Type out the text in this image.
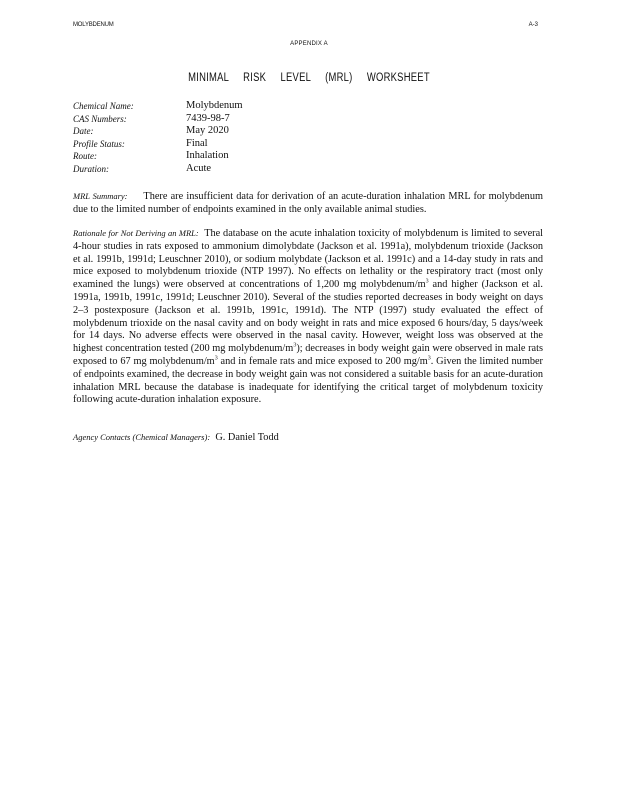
MOLYBDENUM	A-3
APPENDIX A
MINIMAL RISK LEVEL (MRL) WORKSHEET
Chemical Name:	Molybdenum
CAS Numbers:	7439-98-7
Date:	May 2020
Profile Status:	Final
Route:	Inhalation
Duration:	Acute
MRL Summary: There are insufficient data for derivation of an acute-duration inhalation MRL for molybdenum due to the limited number of endpoints examined in the only available animal studies.
Rationale for Not Deriving an MRL: The database on the acute inhalation toxicity of molybdenum is limited to several 4-hour studies in rats exposed to ammonium dimolybdate (Jackson et al. 1991a), molybdenum trioxide (Jackson et al. 1991b, 1991d; Leuschner 2010), or sodium molybdate (Jackson et al. 1991c) and a 14-day study in rats and mice exposed to molybdenum trioxide (NTP 1997). No effects on lethality or the respiratory tract (most only examined the lungs) were observed at concentrations of 1,200 mg molybdenum/$m^3$ and higher (Jackson et al. 1991a, 1991b, 1991c, 1991d; Leuschner 2010). Several of the studies reported decreases in body weight on days 2–3 postexposure (Jackson et al. 1991b, 1991c, 1991d). The NTP (1997) study evaluated the effect of molybdenum trioxide on the nasal cavity and on body weight in rats and mice exposed 6 hours/day, 5 days/week for 14 days. No adverse effects were observed in the nasal cavity. However, weight loss was observed at the highest concentration tested (200 mg molybdenum/$m^3$); decreases in body weight gain were observed in male rats exposed to 67 mg molybdenum/$m^3$ and in female rats and mice exposed to 200 $mg/m^3$. Given the limited number of endpoints examined, the decrease in body weight gain was not considered a suitable basis for an acute-duration inhalation MRL because the database is inadequate for identifying the critical target of molybdenum toxicity following acute-duration inhalation exposure.
Agency Contacts (Chemical Managers): G. Daniel Todd
